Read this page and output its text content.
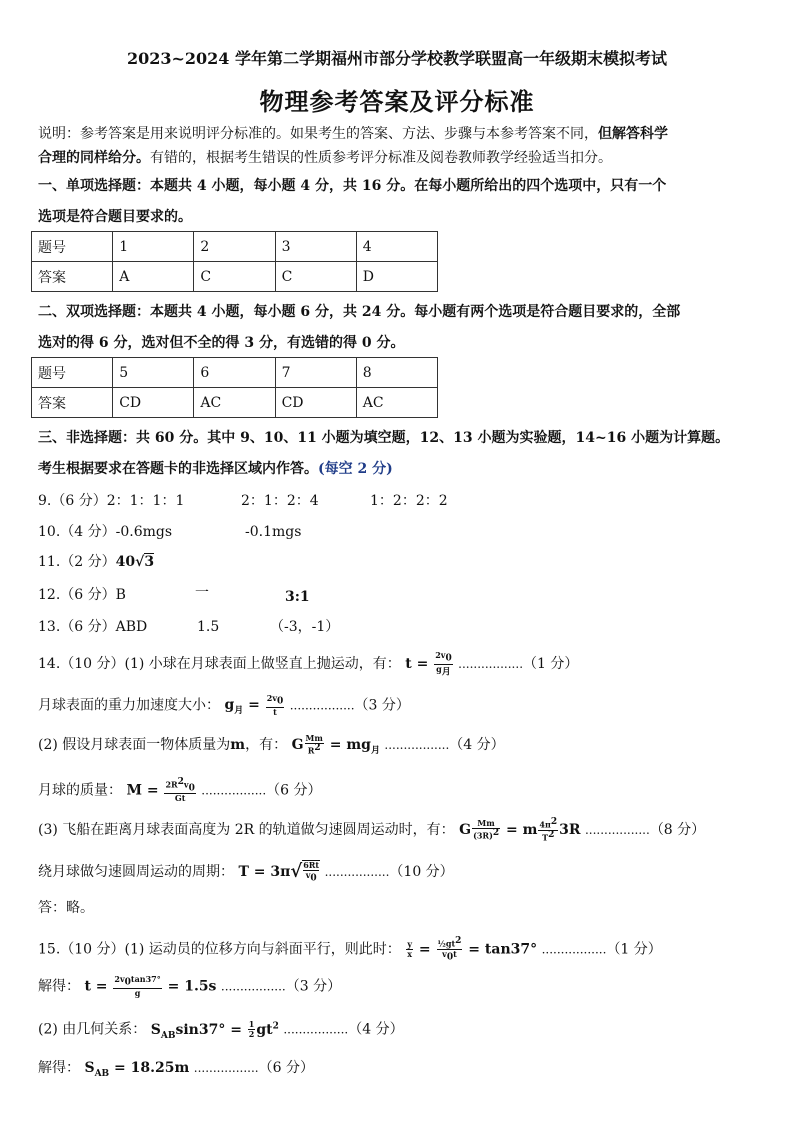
2023~2024 学年第二学期福州市部分学校教学联盟高一年级期末模拟考试
物理参考答案及评分标准
说明：参考答案是用来说明评分标准的。如果考生的答案、方法、步骤与本参考答案不同，但解答科学
合理的同样给分。有错的，根据考生错误的性质参考评分标准及阅卷教师教学经验适当扣分。
一、单项选择题：本题共 4 小题，每小题 4 分，共 16 分。在每小题所给出的四个选项中，只有一个
选项是符合题目要求的。
题号	1	2	3	4
答案	A	C	C	D
二、双项选择题：本题共 4 小题，每小题 6 分，共 24 分。每小题有两个选项是符合题目要求的，全部
选对的得 6 分，选对但不全的得 3 分，有选错的得 0 分。
题号	5	6	7	8
答案	CD	AC	CD	AC
三、非选择题：共 60 分。其中 9、10、11 小题为填空题，12、13 小题为实验题，14~16 小题为计算题。
考生根据要求在答题卡的非选择区域内作答。(每空 2 分)
9.（6 分）2：1：1：1	2：1：2：4	1：2：2：2
10.（4 分）-0.6mgs	-0.1mgs
11.（2 分）40√3
12.（6 分）B	一	3:1
13.（6 分）ABD	1.5	（-3，-1）
14.（10 分）(1) 小球在月球表面上做竖直上抛运动，有： $t = \frac{2v_0}{g_月} .................(1$ 分）
月球表面的重力加速度大小： $g_月 = \frac{2v_0}{t} .................(3$ 分）
(2) 假设月球表面一物体质量为m，有： G $\frac{Mm}{R^2} = mg_月$ .................（4 分）
月球的质量： $M = \frac{2R^2v_0}{Gt} .................(6$ 分）
(3) 飞船在距离月球表面高度为 2R 的轨道做匀速圆周运动时，有： G $\frac{Mm}{(3R)^2} = m \frac{4\pi^2}{T^2} 3R$ .................（8 分）
绕月球做匀速圆周运动的周期： $T = 3\pi√ \frac{6Rt}{v_0} .................(10$ 分）
答：略。
15.（10 分）(1) 运动员的位移方向与斜面平行，则此时： $\frac{y}{x} = \frac{\frac{1}{2}gt^2}{v_0t} = \tan 37^\circ$ .................（1 分）
解得： $t = \frac{2v_0\tan 37^\circ}{g} = 1.5s$ .................（3 分）
(2) 由几何关系： $S_{AB}\sin 37^\circ = \frac{1}{2} gt^2$ .................（4 分）
解得： $S_{AB} = 18.25m$ .................（6 分）
